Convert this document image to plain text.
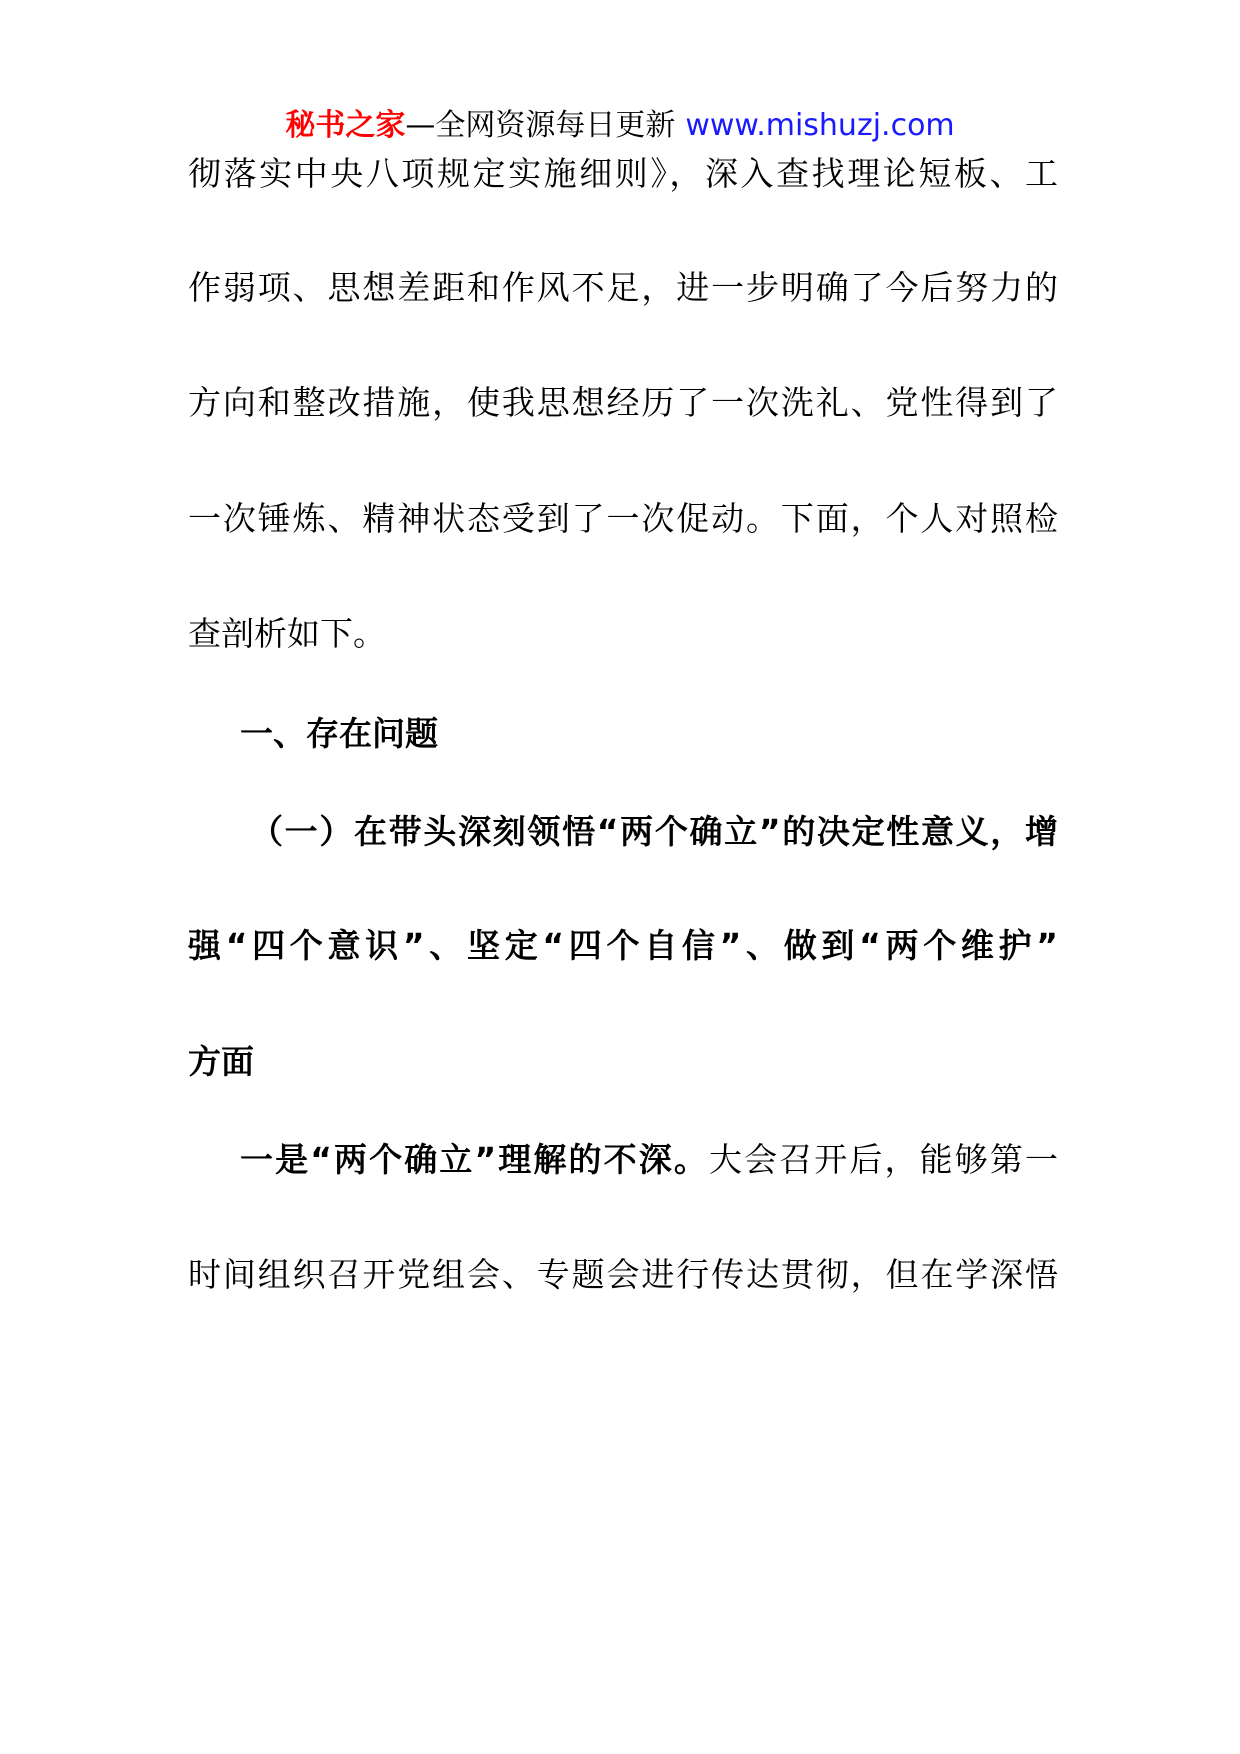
秘书之家—全网资源每日更新 www.mishuzj.com
彻落实中央八项规定实施细则》，深入查找理论短板、工
作弱项、思想差距和作风不足，进一步明确了今后努力的
方向和整改措施，使我思想经历了一次洗礼、党性得到了
一次锤炼、精神状态受到了一次促动。下面，个人对照检
查剖析如下。
一、存在问题
（一）在带头深刻领悟“两个确立”的决定性意义，增
强“四个意识”、坚定“四个自信”、做到“两个维护”
方面
一是“两个确立”理解的不深。大会召开后，能够第一
时间组织召开党组会、专题会进行传达贯彻，但在学深悟
